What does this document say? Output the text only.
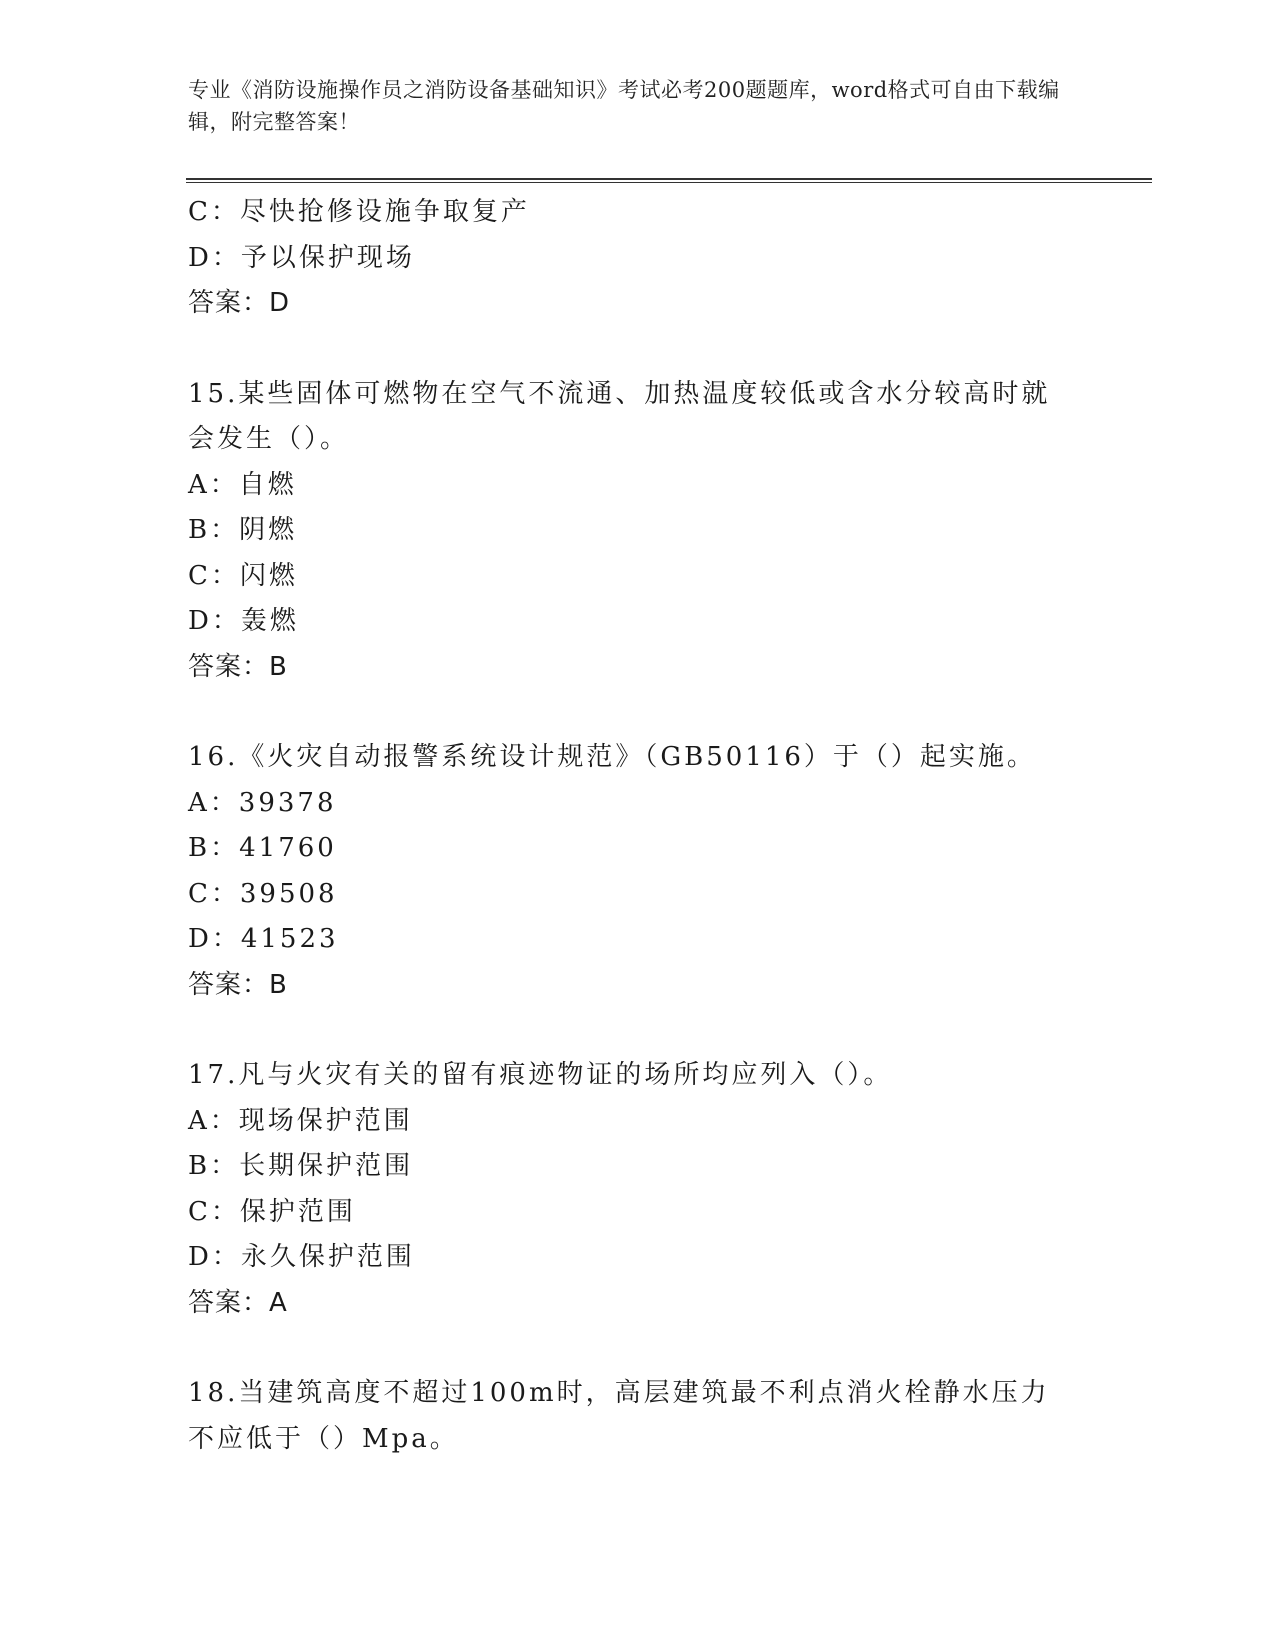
专业《消防设施操作员之消防设备基础知识》考试必考200题题库，word格式可自由下载编辑，附完整答案！
C：尽快抢修设施争取复产
D：予以保护现场
答案：D
15.某些固体可燃物在空气不流通、加热温度较低或含水分较高时就会发生（）。
A：自燃
B：阴燃
C：闪燃
D：轰燃
答案：B
16.《火灾自动报警系统设计规范》（GB50116）于（）起实施。
A：39378
B：41760
C：39508
D：41523
答案：B
17.凡与火灾有关的留有痕迹物证的场所均应列入（）。
A：现场保护范围
B：长期保护范围
C：保护范围
D：永久保护范围
答案：A
18.当建筑高度不超过100m时，高层建筑最不利点消火栓静水压力不应低于（）Mpa。
